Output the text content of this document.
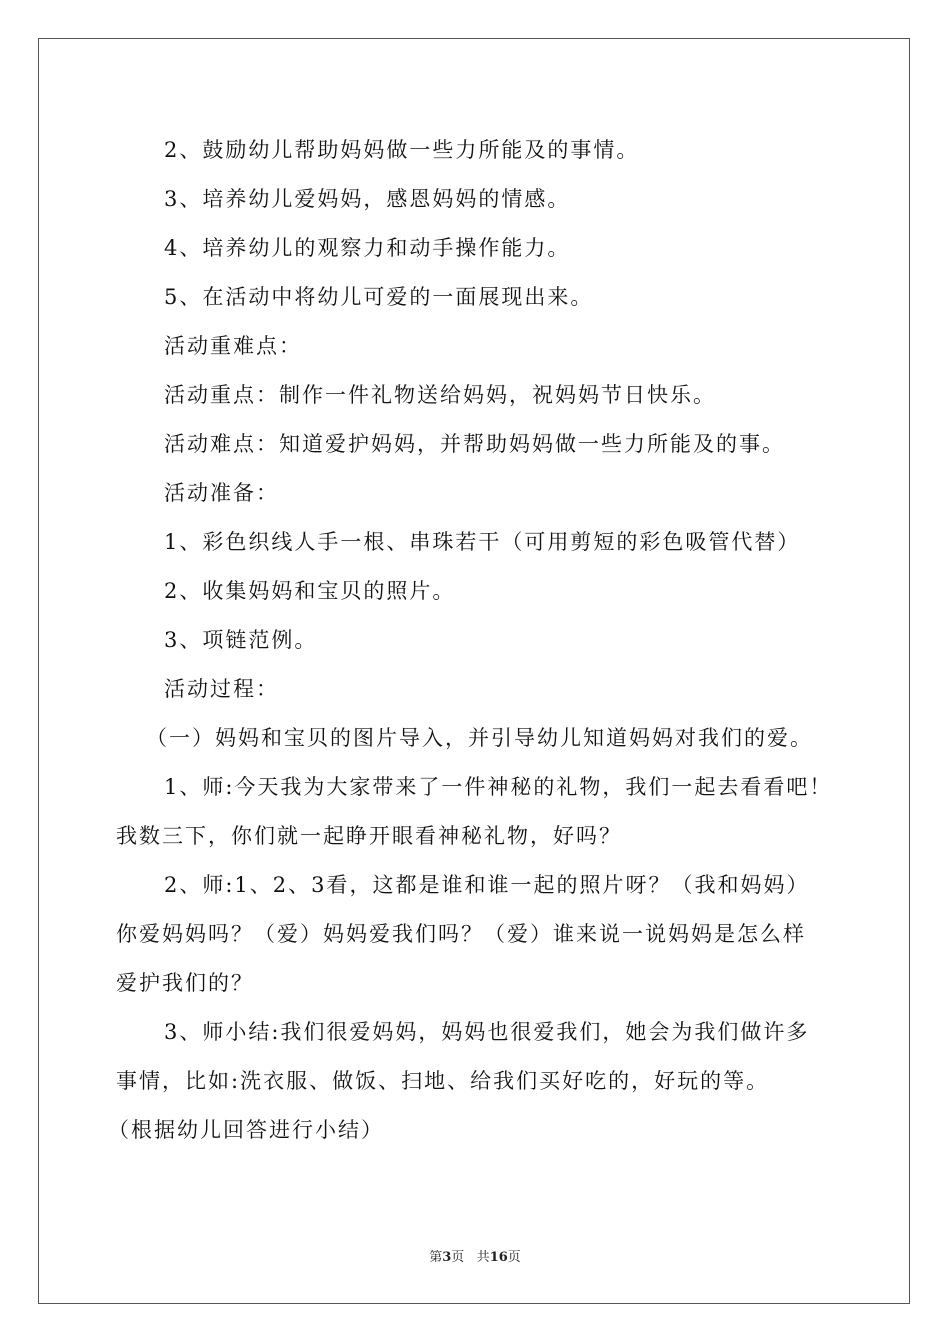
2、鼓励幼儿帮助妈妈做一些力所能及的事情。
3、培养幼儿爱妈妈，感恩妈妈的情感。
4、培养幼儿的观察力和动手操作能力。
5、在活动中将幼儿可爱的一面展现出来。
活动重难点：
活动重点：制作一件礼物送给妈妈，祝妈妈节日快乐。
活动难点：知道爱护妈妈，并帮助妈妈做一些力所能及的事。
活动准备：
1、彩色织线人手一根、串珠若干（可用剪短的彩色吸管代替）
2、收集妈妈和宝贝的照片。
3、项链范例。
活动过程：
（一）妈妈和宝贝的图片导入，并引导幼儿知道妈妈对我们的爱。
1、师:今天我为大家带来了一件神秘的礼物，我们一起去看看吧！
我数三下，你们就一起睁开眼看神秘礼物，好吗？
2、师:1、2、3看，这都是谁和谁一起的照片呀？（我和妈妈）
你爱妈妈吗？（爱）妈妈爱我们吗？（爱）谁来说一说妈妈是怎么样
爱护我们的？
3、师小结:我们很爱妈妈，妈妈也很爱我们，她会为我们做许多
事情，比如:洗衣服、做饭、扫地、给我们买好吃的，好玩的等。
（根据幼儿回答进行小结）
第3页 共16页
